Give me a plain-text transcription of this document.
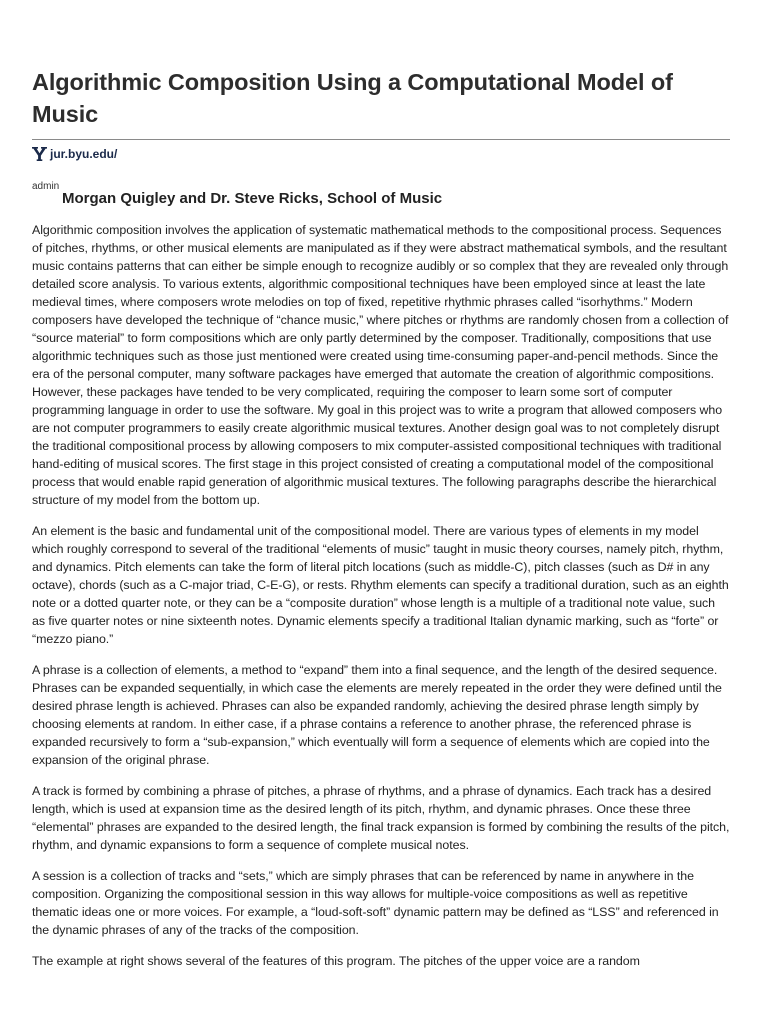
Algorithmic Composition Using a Computational Model of Music
jur.byu.edu/
admin
Morgan Quigley and Dr. Steve Ricks, School of Music

Algorithmic composition involves the application of systematic mathematical methods to the compositional process. Sequences of pitches, rhythms, or other musical elements are manipulated as if they were abstract mathematical symbols, and the resultant music contains patterns that can either be simple enough to recognize audibly or so complex that they are revealed only through detailed score analysis. To various extents, algorithmic compositional techniques have been employed since at least the late medieval times, where composers wrote melodies on top of fixed, repetitive rhythmic phrases called “isorhythms.” Modern composers have developed the technique of “chance music,” where pitches or rhythms are randomly chosen from a collection of “source material” to form compositions which are only partly determined by the composer. Traditionally, compositions that use algorithmic techniques such as those just mentioned were created using time-consuming paper-and-pencil methods. Since the era of the personal computer, many software packages have emerged that automate the creation of algorithmic compositions. However, these packages have tended to be very complicated, requiring the composer to learn some sort of computer programming language in order to use the software. My goal in this project was to write a program that allowed composers who are not computer programmers to easily create algorithmic musical textures. Another design goal was to not completely disrupt the traditional compositional process by allowing composers to mix computer-assisted compositional techniques with traditional hand-editing of musical scores. The first stage in this project consisted of creating a computational model of the compositional process that would enable rapid generation of algorithmic musical textures. The following paragraphs describe the hierarchical structure of my model from the bottom up.

An element is the basic and fundamental unit of the compositional model. There are various types of elements in my model which roughly correspond to several of the traditional “elements of music” taught in music theory courses, namely pitch, rhythm, and dynamics. Pitch elements can take the form of literal pitch locations (such as middle-C), pitch classes (such as D# in any octave), chords (such as a C-major triad, C-E-G), or rests. Rhythm elements can specify a traditional duration, such as an eighth note or a dotted quarter note, or they can be a “composite duration” whose length is a multiple of a traditional note value, such as five quarter notes or nine sixteenth notes. Dynamic elements specify a traditional Italian dynamic marking, such as “forte” or “mezzo piano.”

A phrase is a collection of elements, a method to “expand” them into a final sequence, and the length of the desired sequence. Phrases can be expanded sequentially, in which case the elements are merely repeated in the order they were defined until the desired phrase length is achieved. Phrases can also be expanded randomly, achieving the desired phrase length simply by choosing elements at random. In either case, if a phrase contains a reference to another phrase, the referenced phrase is expanded recursively to form a “sub-expansion,” which eventually will form a sequence of elements which are copied into the expansion of the original phrase.

A track is formed by combining a phrase of pitches, a phrase of rhythms, and a phrase of dynamics. Each track has a desired length, which is used at expansion time as the desired length of its pitch, rhythm, and dynamic phrases. Once these three “elemental” phrases are expanded to the desired length, the final track expansion is formed by combining the results of the pitch, rhythm, and dynamic expansions to form a sequence of complete musical notes.

A session is a collection of tracks and “sets,” which are simply phrases that can be referenced by name in anywhere in the composition. Organizing the compositional session in this way allows for multiple-voice compositions as well as repetitive thematic ideas one or more voices. For example, a “loud-soft-soft” dynamic pattern may be defined as “LSS” and referenced in the dynamic phrases of any of the tracks of the composition.

The example at right shows several of the features of this program. The pitches of the upper voice are a random
